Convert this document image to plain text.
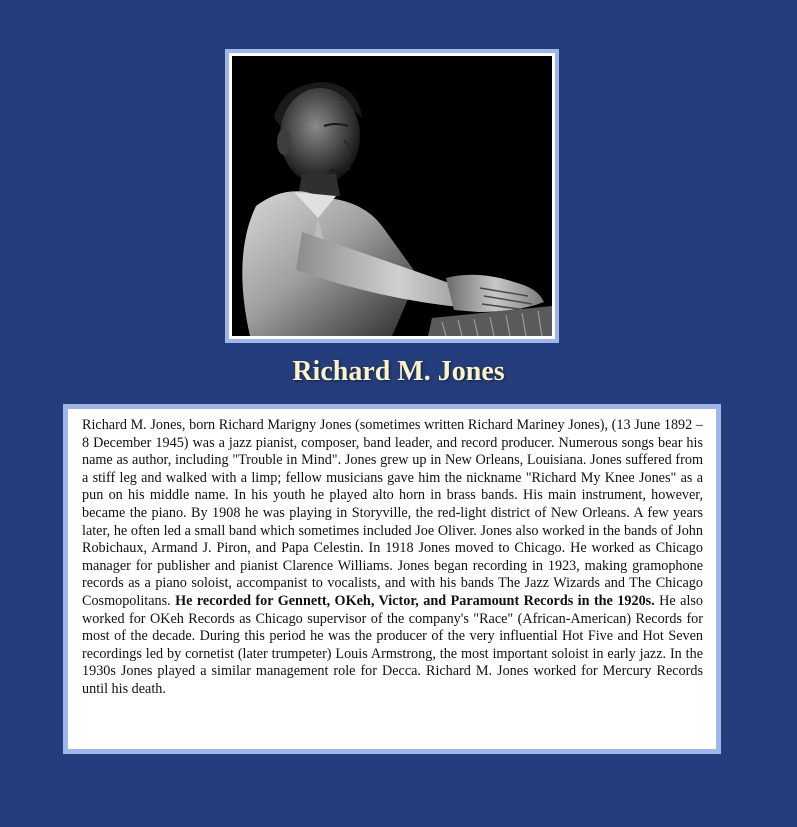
Richard M. Jones

Richard M. Jones, born Richard Marigny Jones (sometimes written Richard Mariney Jones), (13 June 1892 – 8 December 1945) was a jazz pianist, composer, band leader, and record producer. Numerous songs bear his name as author, including "Trouble in Mind". Jones grew up in New Orleans, Louisiana. Jones suffered from a stiff leg and walked with a limp; fellow musicians gave him the nickname "Richard My Knee Jones" as a pun on his middle name. In his youth he played alto horn in brass bands. His main instrument, however, became the piano. By 1908 he was playing in Storyville, the red-light district of New Orleans. A few years later, he often led a small band which sometimes included Joe Oliver. Jones also worked in the bands of John Robichaux, Armand J. Piron, and Papa Celestin. In 1918 Jones moved to Chicago. He worked as Chicago manager for publisher and pianist Clarence Williams. Jones began recording in 1923, making gramophone records as a piano soloist, accompanist to vocalists, and with his bands The Jazz Wizards and The Chicago Cosmopolitans. He recorded for Gennett, OKeh, Victor, and Paramount Records in the 1920s. He also worked for OKeh Records as Chicago supervisor of the company's "Race" (African-American) Records for most of the decade. During this period he was the producer of the very influential Hot Five and Hot Seven recordings led by cornetist (later trumpeter) Louis Armstrong, the most important soloist in early jazz. In the 1930s Jones played a similar management role for Decca. Richard M. Jones worked for Mercury Records until his death.
